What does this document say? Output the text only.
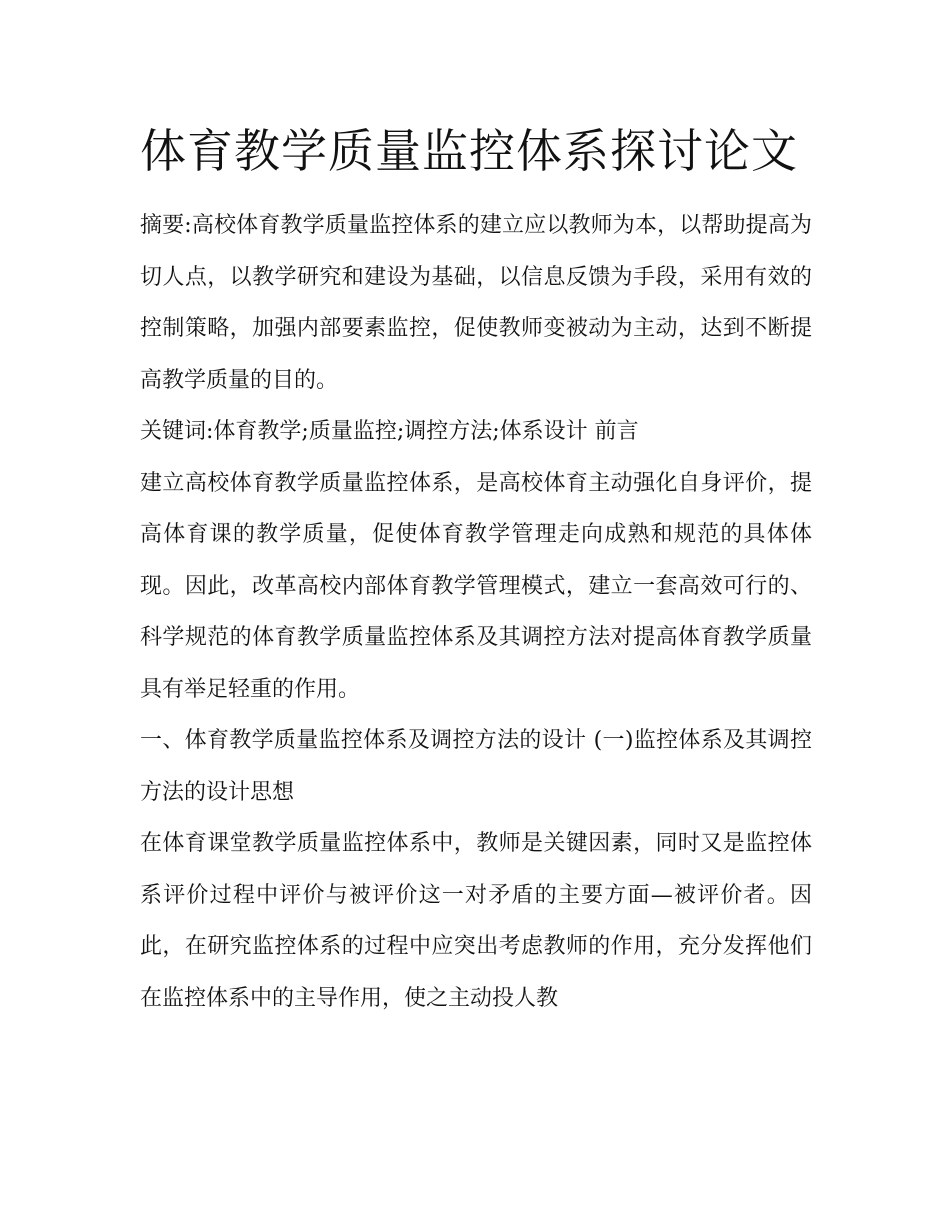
体育教学质量监控体系探讨论文

摘要:高校体育教学质量监控体系的建立应以教师为本，以帮助提高为切人点，以教学研究和建设为基础，以信息反馈为手段，采用有效的控制策略，加强内部要素监控，促使教师变被动为主动，达到不断提高教学质量的目的。

关键词:体育教学;质量监控;调控方法;体系设计 前言

建立高校体育教学质量监控体系，是高校体育主动强化自身评价，提高体育课的教学质量，促使体育教学管理走向成熟和规范的具体体现。因此，改革高校内部体育教学管理模式，建立一套高效可行的、科学规范的体育教学质量监控体系及其调控方法对提高体育教学质量具有举足轻重的作用。

一、体育教学质量监控体系及调控方法的设计 (一)监控体系及其调控方法的设计思想

在体育课堂教学质量监控体系中，教师是关键因素，同时又是监控体系评价过程中评价与被评价这一对矛盾的主要方面—被评价者。因此，在研究监控体系的过程中应突出考虑教师的作用，充分发挥他们在监控体系中的主导作用，使之主动投人教
